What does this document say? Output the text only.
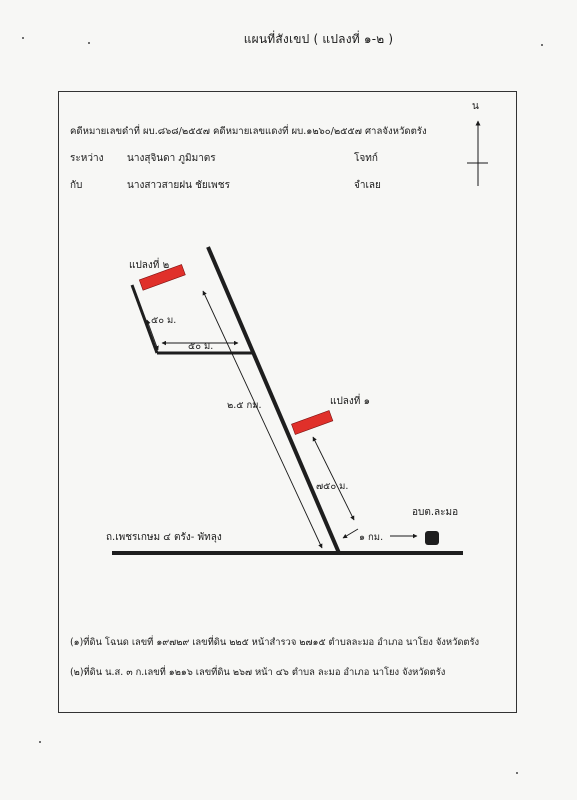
แผนที่สังเขป ( แปลงที่ ๑-๒ )
น
คดีหมายเลขดำที่ ผบ.๘๖๘/๒๕๕๗ คดีหมายเลขแดงที่ ผบ.๑๒๖๐/๒๕๕๗ ศาลจังหวัดตรัง
ระหว่าง นางสุจินดา ภูมิมาตร	โจทก์
กับ	นางสาวสายฝน ชัยเพชร	จำเลย
แปลงที่ ๒
แปลงที่ ๑
๕๐ ม.
๕๐ ม.
๒.๕ กม.
๗๕๐ ม.
๑ กม.
ถ.เพชรเกษม ๔ ตรัง- พัทลุง
อบต.ละมอ
(๑)ที่ดิน โฉนด เลขที่ ๑๙๗๒๙ เลขที่ดิน ๒๒๕ หน้าสำรวจ ๒๗๑๕ ตำบลละมอ อำเภอ นาโยง จังหวัดตรัง
(๒)ที่ดิน น.ส. ๓ ก.เลขที่ ๑๒๑๖ เลขที่ดิน ๒๖๗ หน้า ๔๖ ตำบล ละมอ อำเภอ นาโยง จังหวัดตรัง
